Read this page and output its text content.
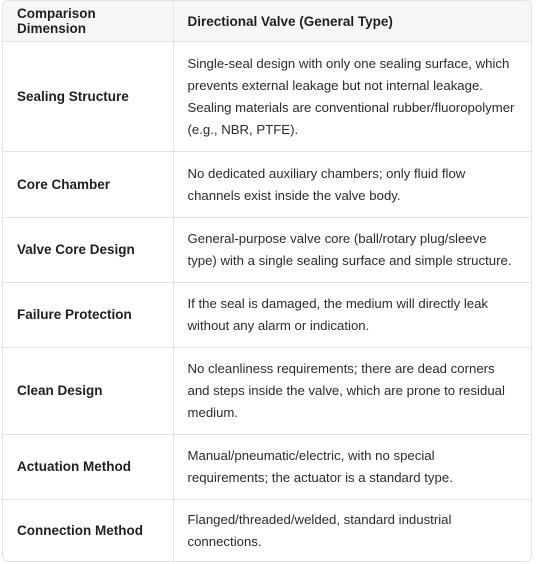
Comparison Dimension	Directional Valve (General Type)
Sealing Structure	Single-seal design with only one sealing surface, which prevents external leakage but not internal leakage. Sealing materials are conventional rubber/fluoropolymer (e.g., NBR, PTFE).
Core Chamber	No dedicated auxiliary chambers; only fluid flow channels exist inside the valve body.
Valve Core Design	General-purpose valve core (ball/rotary plug/sleeve type) with a single sealing surface and simple structure.
Failure Protection	If the seal is damaged, the medium will directly leak without any alarm or indication.
Clean Design	No cleanliness requirements; there are dead corners and steps inside the valve, which are prone to residual medium.
Actuation Method	Manual/pneumatic/electric, with no special requirements; the actuator is a standard type.
Connection Method	Flanged/threaded/welded, standard industrial connections.
